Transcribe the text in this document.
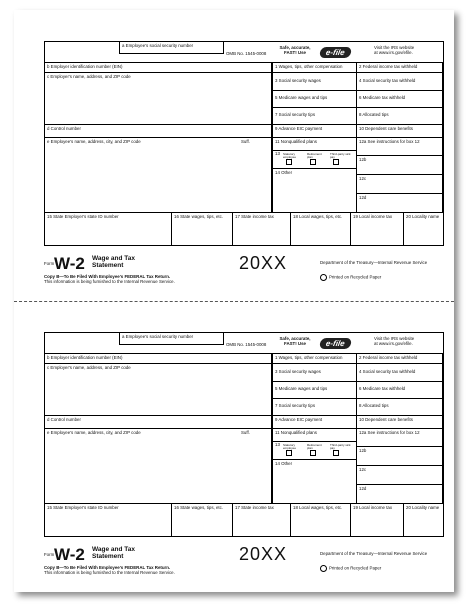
a Employee's social security number
OMB No. 1545-0008
Safe, accurate,
FAST! Use	e-file
Visit the IRS website
at www.irs.gov/efile.
b Employer identification number (EIN)
c Employer's name, address, and ZIP code
d Control number
e Employee's name, address, city, and ZIP code	Suff.
1 Wages, tips, other compensation	2 Federal income tax withheld
3 Social security wages	4 Social security tax withheld
5 Medicare wages and tips	6 Medicare tax withheld
7 Social security tips	8 Allocated tips
9 Advance EIC payment	10 Dependent care benefits
11 Nonqualified plans
13 Statutory employee

Retirement plan

Third-party sick pay

14 Other
12a See instructions for box 12
12b
12c
12d
15 State Employer's state ID number	16 State wages, tips, etc.	17 State income tax	18 Local wages, tips, etc.	19 Local income tax	20 Locality name
Form W-2 Wage and Tax
Statement	20XX	Department of the Treasury—Internal Revenue Service
Copy B—To Be Filed With Employee's FEDERAL Tax Return.
This information is being furnished to the Internal Revenue Service.
Printed on Recycled Paper
a Employee's social security number
OMB No. 1545-0008
Safe, accurate,
FAST! Use	e-file
Visit the IRS website
at www.irs.gov/efile.
b Employer identification number (EIN)
c Employer's name, address, and ZIP code
d Control number
e Employee's name, address, city, and ZIP code	Suff.
1 Wages, tips, other compensation	2 Federal income tax withheld
3 Social security wages	4 Social security tax withheld
5 Medicare wages and tips	6 Medicare tax withheld
7 Social security tips	8 Allocated tips
9 Advance EIC payment	10 Dependent care benefits
11 Nonqualified plans
13 Statutory employee

Retirement plan

Third-party sick pay

14 Other
12a See instructions for box 12
12b
12c
12d
15 State Employer's state ID number	16 State wages, tips, etc.	17 State income tax	18 Local wages, tips, etc.	19 Local income tax	20 Locality name
Form W-2 Wage and Tax
Statement	20XX	Department of the Treasury—Internal Revenue Service
Copy B—To Be Filed With Employee's FEDERAL Tax Return.
This information is being furnished to the Internal Revenue Service.
Printed on Recycled Paper
